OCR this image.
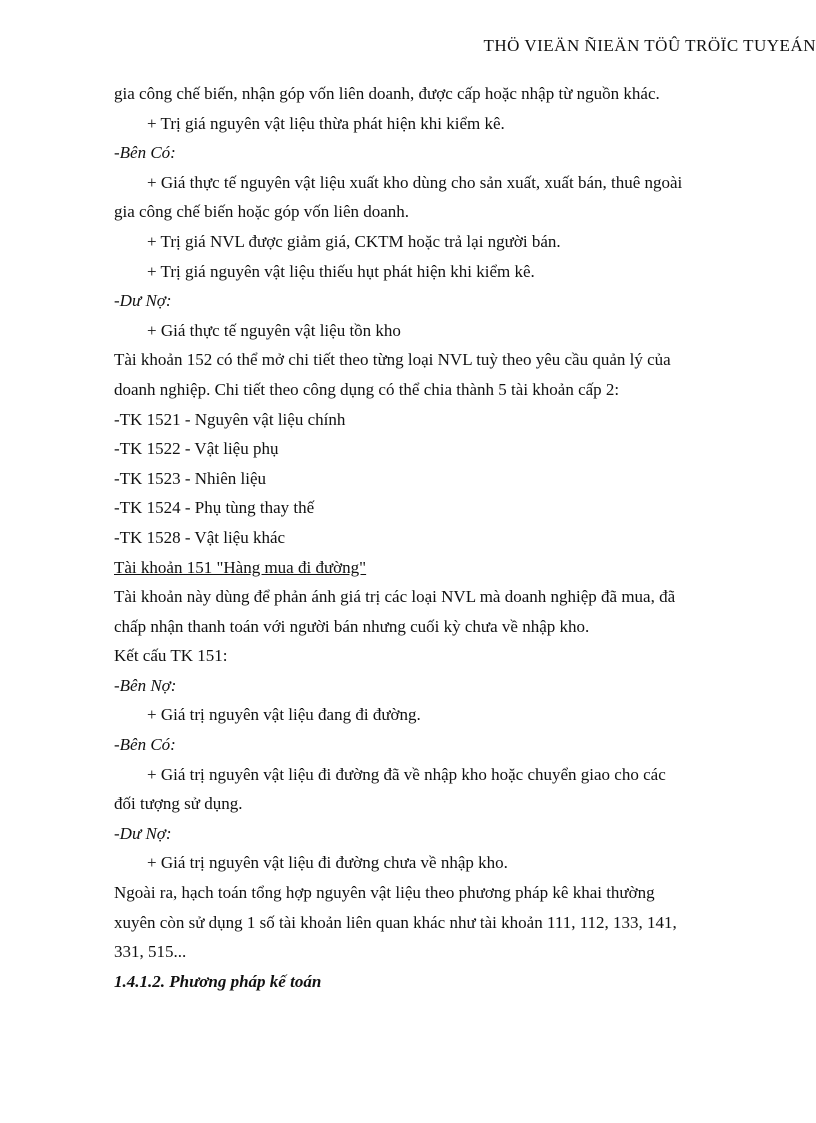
THÖ VIEÄN ÑIEÄN TÖÛ TRÖÏC TUYEÁN
gia công chế biến, nhận góp vốn liên doanh, được cấp hoặc nhập từ nguồn khác.
+ Trị giá nguyên vật liệu thừa phát hiện khi kiểm kê.
-Bên Có:
+ Giá thực tế nguyên vật liệu xuất kho dùng cho sản xuất, xuất bán, thuê ngoài
gia công chế biến hoặc góp vốn liên doanh.
+ Trị giá NVL được giảm giá, CKTM hoặc trả lại người bán.
+ Trị giá nguyên vật liệu thiếu hụt phát hiện khi kiểm kê.
-Dư Nợ:
+ Giá thực tế nguyên vật liệu tồn kho
Tài khoản 152 có thể mở chi tiết theo từng loại NVL tuỳ theo yêu cầu quản lý của
doanh nghiệp. Chi tiết theo công dụng có thể chia thành 5 tài khoản cấp 2:
-TK 1521 - Nguyên vật liệu chính
-TK 1522 - Vật liệu phụ
-TK 1523 - Nhiên liệu
-TK 1524 - Phụ tùng thay thế
-TK 1528 - Vật liệu khác
Tài khoản 151 "Hàng mua đi đường"
Tài khoản này dùng để phản ánh giá trị các loại NVL mà doanh nghiệp đã mua, đã
chấp nhận thanh toán với người bán nhưng cuối kỳ chưa về nhập kho.
Kết cấu TK 151:
-Bên Nợ:
+ Giá trị nguyên vật liệu đang đi đường.
-Bên Có:
+ Giá trị nguyên vật liệu đi đường đã về nhập kho hoặc chuyển giao cho các
đối tượng sử dụng.
-Dư Nợ:
+ Giá trị nguyên vật liệu đi đường chưa về nhập kho.
Ngoài ra, hạch toán tổng hợp nguyên vật liệu theo phương pháp kê khai thường
xuyên còn sử dụng 1 số tài khoản liên quan khác như tài khoản 111, 112, 133, 141,
331, 515...
1.4.1.2. Phương pháp kế toán
